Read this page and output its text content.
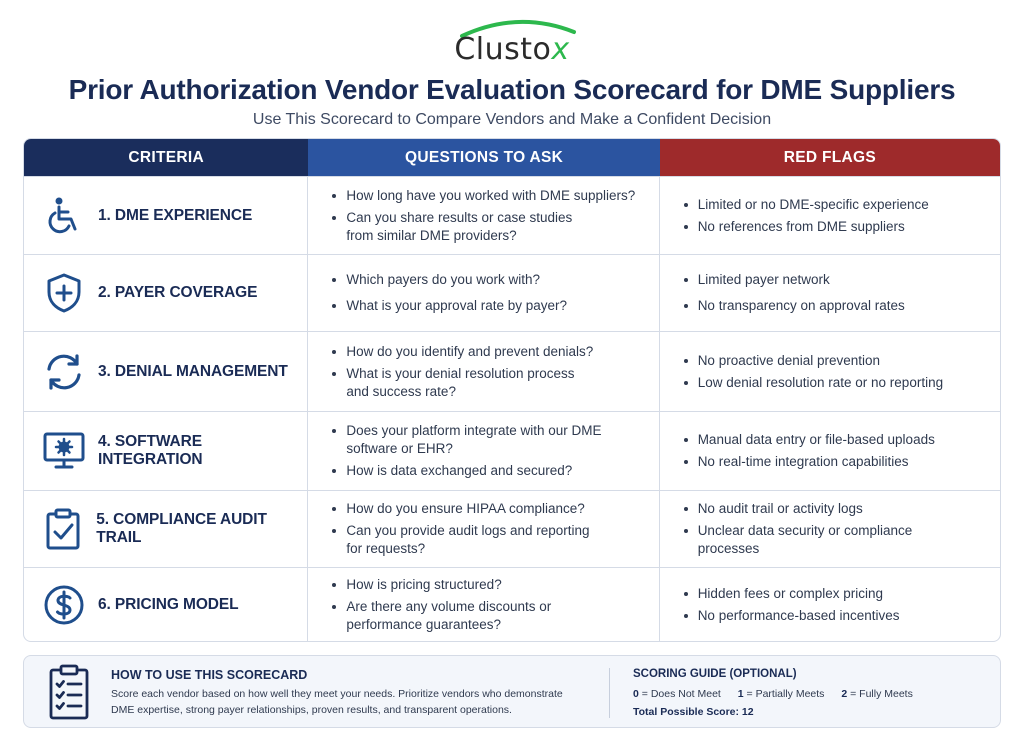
Clustox
Prior Authorization Vendor Evaluation Scorecard for DME Suppliers
Use This Scorecard to Compare Vendors and Make a Confident Decision
CRITERIA	QUESTIONS TO ASK	RED FLAGS
1. DME EXPERIENCE
How long have you worked with DME suppliers?
Can you share results or case studies from similar DME providers?
Limited or no DME-specific experience
No references from DME suppliers
2. PAYER COVERAGE
Which payers do you work with?
What is your approval rate by payer?
Limited payer network
No transparency on approval rates
3. DENIAL MANAGEMENT
How do you identify and prevent denials?
What is your denial resolution process and success rate?
No proactive denial prevention
Low denial resolution rate or no reporting
4. SOFTWARE INTEGRATION
Does your platform integrate with our DME software or EHR?
How is data exchanged and secured?
Manual data entry or file-based uploads
No real-time integration capabilities
5. COMPLIANCE AUDIT TRAIL
How do you ensure HIPAA compliance?
Can you provide audit logs and reporting for requests?
No audit trail or activity logs
Unclear data security or compliance processes
6. PRICING MODEL
How is pricing structured?
Are there any volume discounts or performance guarantees?
Hidden fees or complex pricing
No performance-based incentives
HOW TO USE THIS SCORECARD
Score each vendor based on how well they meet your needs. Prioritize vendors who demonstrate DME expertise, strong payer relationships, proven results, and transparent operations.
SCORING GUIDE (OPTIONAL)
0 = Does Not Meet 1 = Partially Meets 2 = Fully Meets
Total Possible Score: 12
